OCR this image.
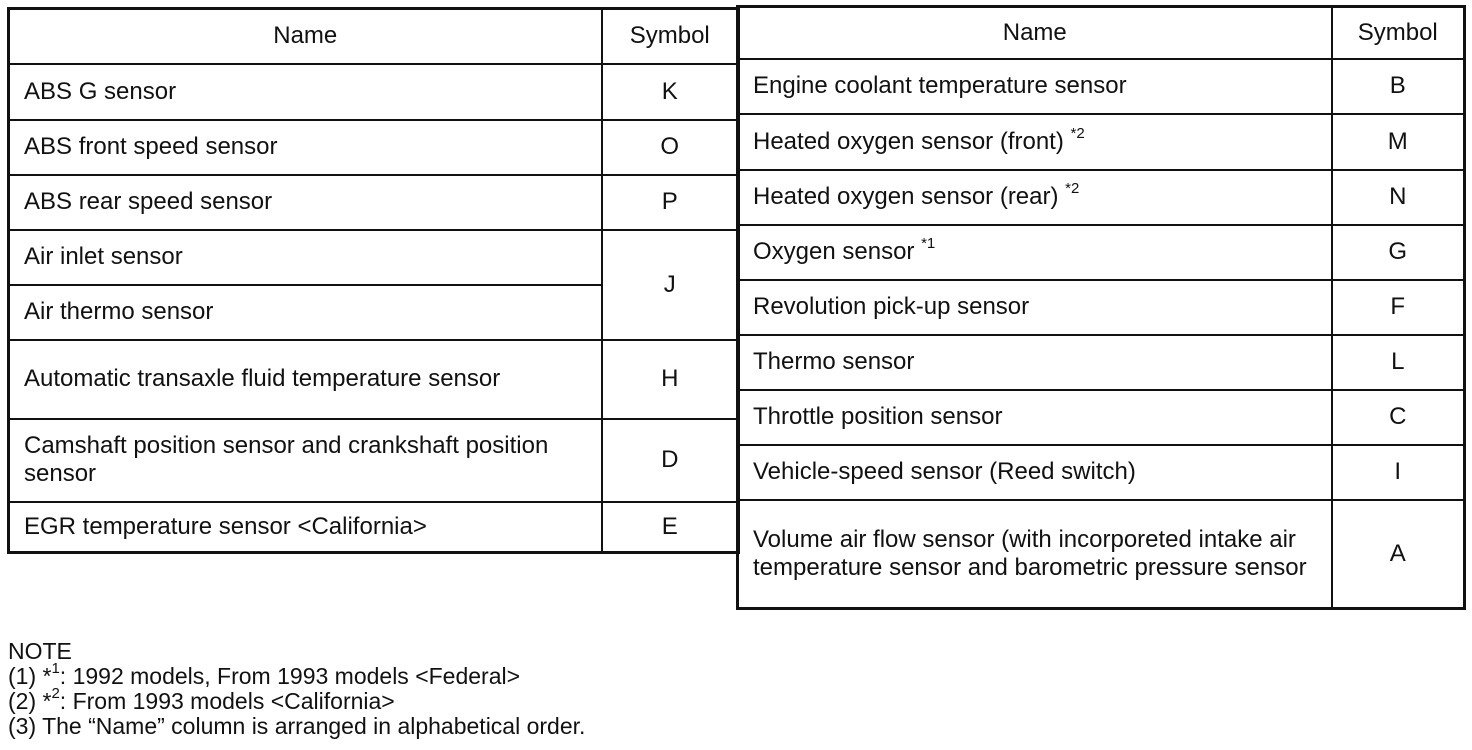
Name	Symbol
ABS G sensor	K
ABS front speed sensor	O
ABS rear speed sensor	P
Air inlet sensor	J
Air thermo sensor	
Automatic transaxle fluid temperature sensor	H
Camshaft position sensor and crankshaft position sensor	D
EGR temperature sensor <California>	E
Name	Symbol
Engine coolant temperature sensor	B
Heated oxygen sensor (front) $^{*2}$	M
Heated oxygen sensor (rear) $^{*2}$	N
Oxygen sensor $^{*1}$	G
Revolution pick-up sensor	F
Thermo sensor	L
Throttle position sensor	C
Vehicle-speed sensor (Reed switch)	I
Volume air flow sensor (with incorporeted intake air temperature sensor and barometric pressure sensor	A
NOTE
(1) *$^1$: 1992 models, From 1993 models <Federal>
(2) *$^2$: From 1993 models <California>
(3) The “Name” column is arranged in alphabetical order.
